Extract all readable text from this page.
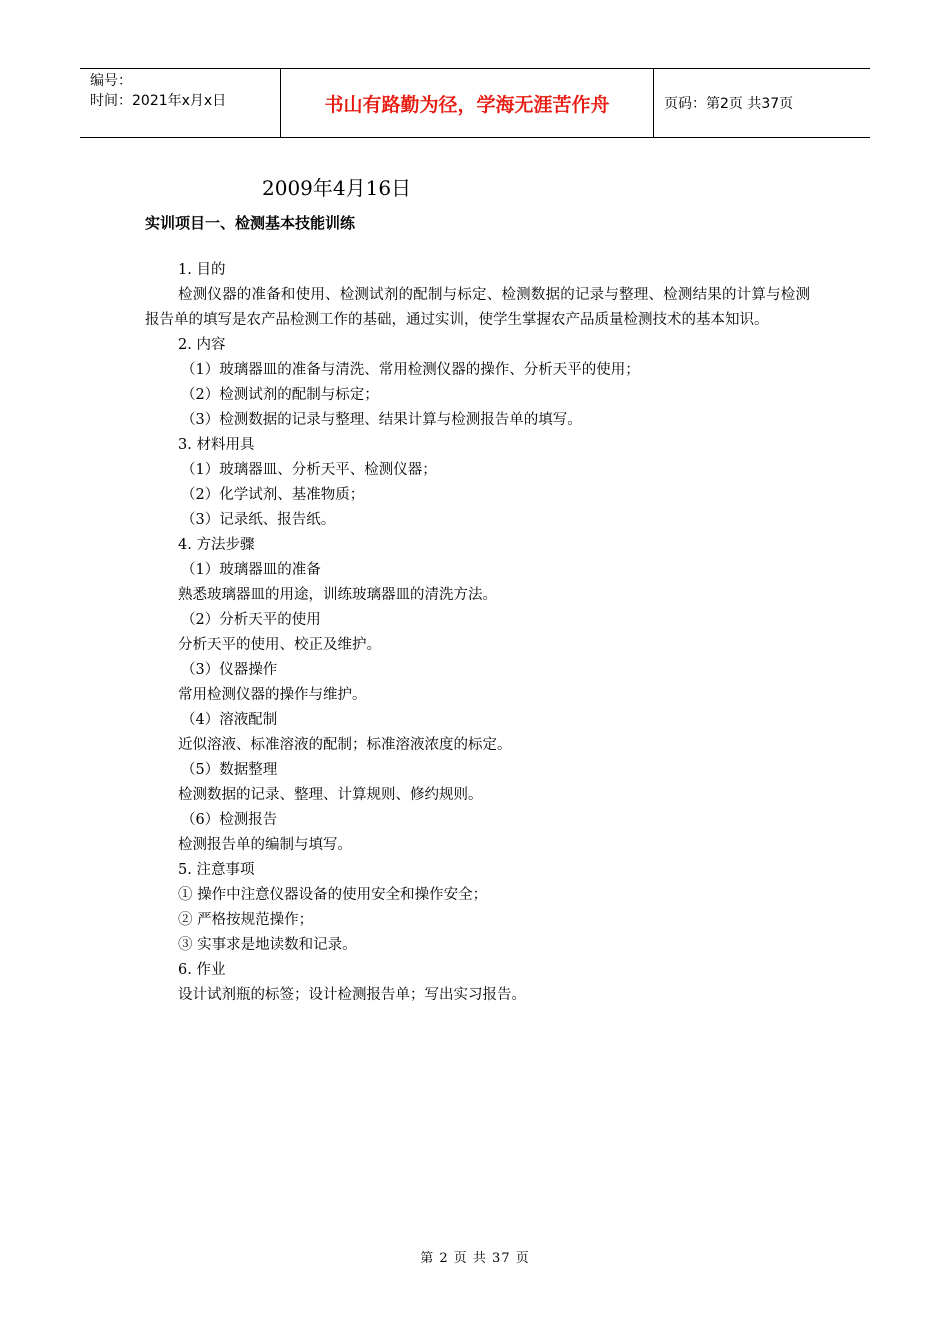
编号：
时间：2021年x月x日	书山有路勤为径，学海无涯苦作舟	页码：第2页 共37页
2009年4月16日
实训项目一、检测基本技能训练
1. 目的
检测仪器的准备和使用、检测试剂的配制与标定、检测数据的记录与整理、检测结果的计算与检测报告单的填写是农产品检测工作的基础，通过实训，使学生掌握农产品质量检测技术的基本知识。
2. 内容
（1）玻璃器皿的准备与清洗、常用检测仪器的操作、分析天平的使用；
（2）检测试剂的配制与标定；
（3）检测数据的记录与整理、结果计算与检测报告单的填写。
3. 材料用具
（1）玻璃器皿、分析天平、检测仪器；
（2）化学试剂、基准物质；
（3）记录纸、报告纸。
4. 方法步骤
（1）玻璃器皿的准备
熟悉玻璃器皿的用途，训练玻璃器皿的清洗方法。
（2）分析天平的使用
分析天平的使用、校正及维护。
（3）仪器操作
常用检测仪器的操作与维护。
（4）溶液配制
近似溶液、标准溶液的配制；标准溶液浓度的标定。
（5）数据整理
检测数据的记录、整理、计算规则、修约规则。
（6）检测报告
检测报告单的编制与填写。
5. 注意事项
① 操作中注意仪器设备的使用安全和操作安全；
② 严格按规范操作；
③ 实事求是地读数和记录。
6. 作业
设计试剂瓶的标签；设计检测报告单；写出实习报告。
第 2 页 共 37 页
